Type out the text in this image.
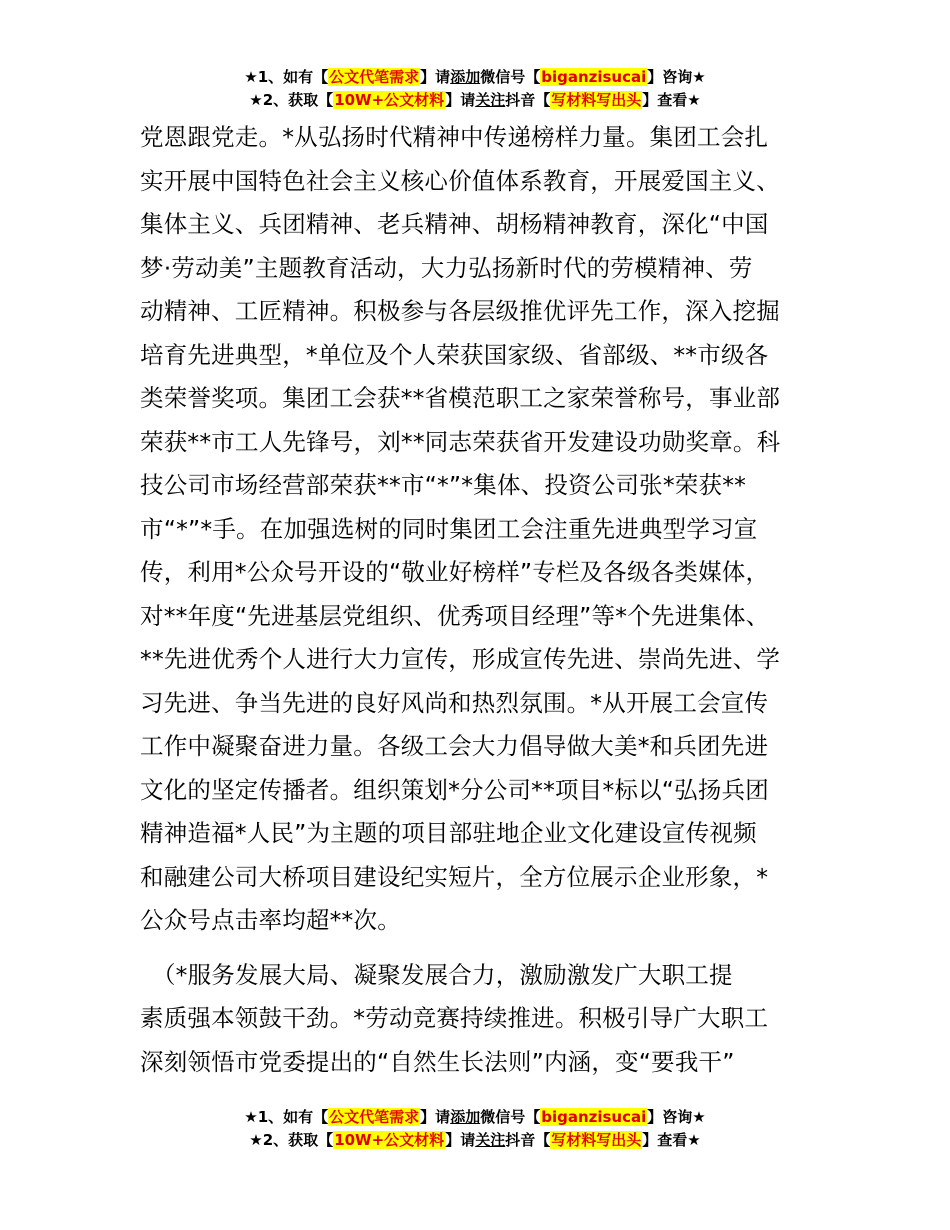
★1、如有【公文代笔需求】请添加微信号【biganzisucai】咨询★
★2、获取【10W+公文材料】请关注抖音【写材料写出头】查看★

党恩跟党走。*从弘扬时代精神中传递榜样力量。集团工会扎
实开展中国特色社会主义核心价值体系教育，开展爱国主义、
集体主义、兵团精神、老兵精神、胡杨精神教育，深化“中国
梦·劳动美”主题教育活动，大力弘扬新时代的劳模精神、劳
动精神、工匠精神。积极参与各层级推优评先工作，深入挖掘
培育先进典型，*单位及个人荣获国家级、省部级、**市级各
类荣誉奖项。集团工会获**省模范职工之家荣誉称号，事业部
荣获**市工人先锋号，刘**同志荣获省开发建设功勋奖章。科
技公司市场经营部荣获**市“*”*集体、投资公司张*荣获**
市“*”*手。在加强选树的同时集团工会注重先进典型学习宣
传，利用*公众号开设的“敬业好榜样”专栏及各级各类媒体，
对**年度“先进基层党组织、优秀项目经理”等*个先进集体、
**先进优秀个人进行大力宣传，形成宣传先进、崇尚先进、学
习先进、争当先进的良好风尚和热烈氛围。*从开展工会宣传
工作中凝聚奋进力量。各级工会大力倡导做大美*和兵团先进
文化的坚定传播者。组织策划*分公司**项目*标以“弘扬兵团
精神造福*人民”为主题的项目部驻地企业文化建设宣传视频
和融建公司大桥项目建设纪实短片，全方位展示企业形象，*
公众号点击率均超**次。

　（*服务发展大局、凝聚发展合力，激励激发广大职工提
素质强本领鼓干劲。*劳动竞赛持续推进。积极引导广大职工
深刻领悟市党委提出的“自然生长法则”内涵，变“要我干”

★1、如有【公文代笔需求】请添加微信号【biganzisucai】咨询★
★2、获取【10W+公文材料】请关注抖音【写材料写出头】查看★
